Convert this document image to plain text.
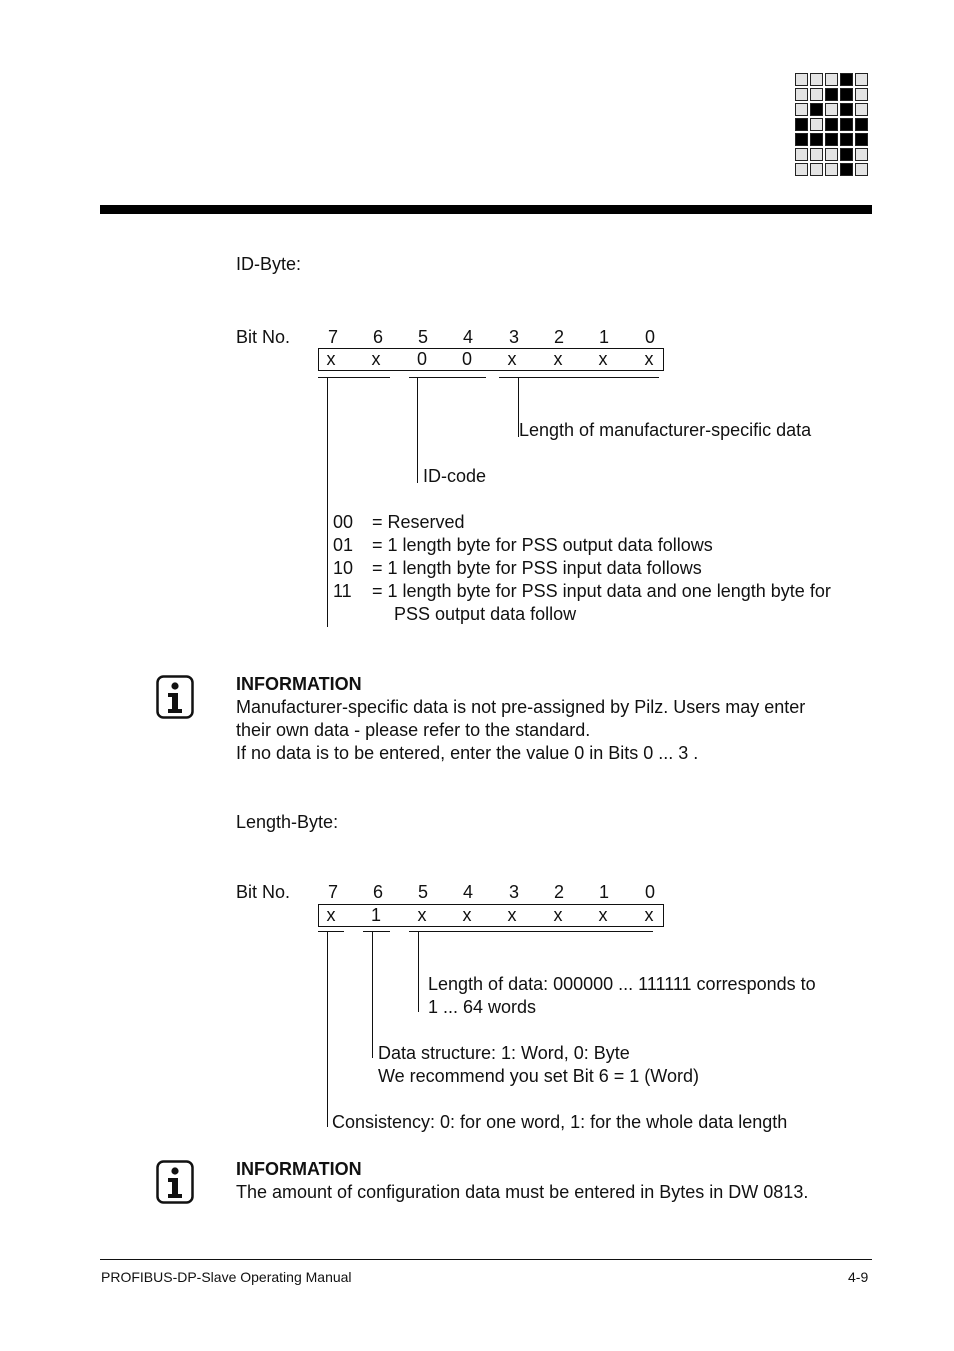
ID-Byte:
Bit No.	7	6	5	4	3	2	1	0
x	x	0	0	x	x	x	x
Length of manufacturer-specific data
ID-code
00 = Reserved
01 = 1 length byte for PSS output data follows
10 = 1 length byte for PSS input data follows
11 = 1 length byte for PSS input data and one length byte for
PSS output data follow
INFORMATION
Manufacturer-specific data is not pre-assigned by Pilz. Users may enter
their own data - please refer to the standard.
If no data is to be entered, enter the value 0 in Bits 0 ... 3 .
Length-Byte:
Bit No.	7	6	5	4	3	2	1	0
x	1	x	x	x	x	x	x
Length of data: 000000 ... 111111 corresponds to
1 ... 64 words
Data structure: 1: Word, 0: Byte
We recommend you set Bit 6 = 1 (Word)
Consistency: 0: for one word, 1: for the whole data length
INFORMATION
The amount of configuration data must be entered in Bytes in DW 0813.
PROFIBUS-DP-Slave Operating Manual	4-9
